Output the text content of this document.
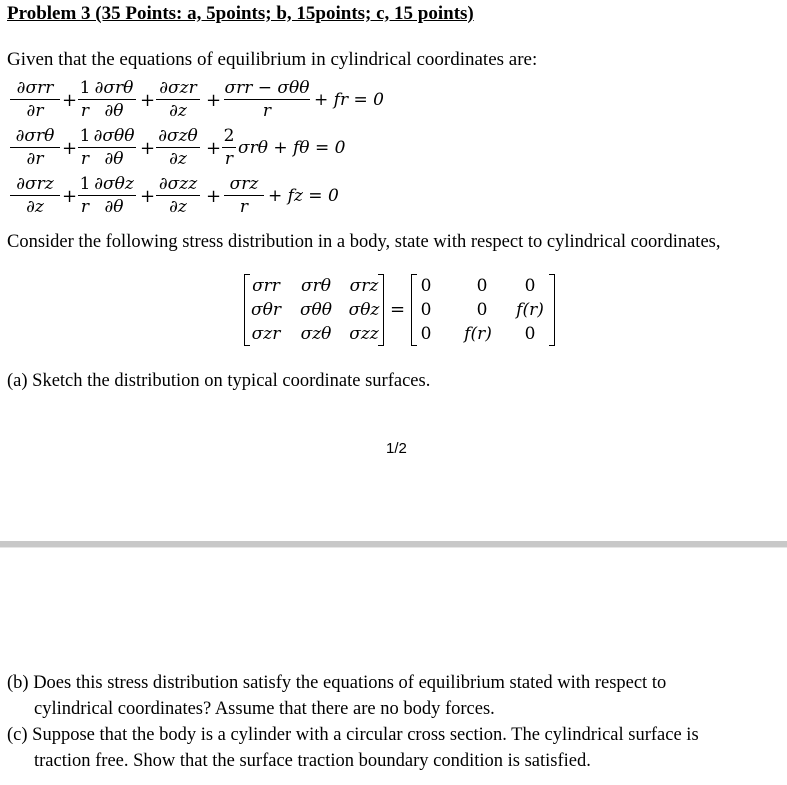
Problem 3 (35 Points: a, 5points; b, 15points; c, 15 points)
Given that the equations of equilibrium in cylindrical coordinates are:
∂σrr
∂r	+
1
r
∂σrθ
∂θ +
∂σzr
∂z	+
σrr − σθθ
r
+ fr = 0
∂σrθ
∂r	+
1
r
∂σθθ
∂θ +
∂σzθ
∂z	+
2
r
σrθ + fθ = 0
∂σrz
∂z	+
1
r
∂σθz
∂θ +
∂σzz
∂z	+
σrz
r
+ fz = 0
Consider the following stress distribution in a body, state with respect to cylindrical coordinates,
σrr	σrθ	σrz
σθr σθθ σθz
σzr	σzθ	σzz
=
0	0	0
0	0	f(r)
0	f(r)	0
(a) Sketch the distribution on typical coordinate surfaces.
1/2
(b) Does this stress distribution satisfy the equations of equilibrium stated with respect to
cylindrical coordinates? Assume that there are no body forces.
(c) Suppose that the body is a cylinder with a circular cross section. The cylindrical surface is
traction free. Show that the surface traction boundary condition is satisfied.
